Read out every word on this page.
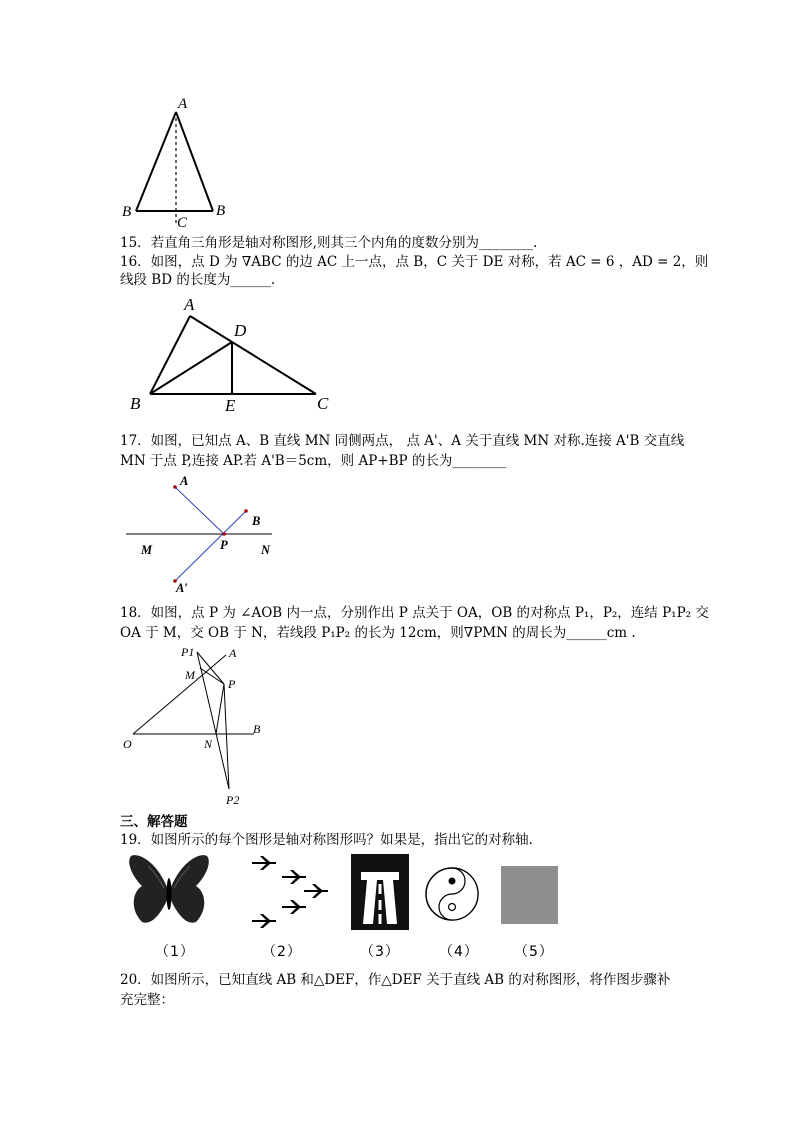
A
B	B
C
15．若直角三角形是轴对称图形,则其三个内角的度数分别为________.
16．如图，点 D 为 ∇ABC 的边 AC 上一点，点 B，C 关于 DE 对称，若 AC = 6 ，AD = 2，则
线段 BD 的长度为______.
A
D
B	E	C
17．如图，已知点 A、B 直线 MN 同侧两点， 点 A'、A 关于直线 MN 对称.连接 A'B 交直线
MN 于点 P,连接 AP.若 A'B＝5cm，则 AP+BP 的长为________
A
B
M	P	N
A′
18．如图，点 P 为 ∠AOB 内一点，分别作出 P 点关于 OA，OB 的对称点 P₁，P₂，连结 P₁P₂ 交
OA 于 M，交 OB 于 N，若线段 P₁P₂ 的长为 12cm，则∇PMN 的周长为______cm .
P1	A
M
P
O	N
B
P2
三、解答题
19．如图所示的每个图形是轴对称图形吗？如果是，指出它的对称轴．
（1）	（2）	（3）	（4）	（5）
20．如图所示，已知直线 AB 和△DEF，作△DEF 关于直线 AB 的对称图形，将作图步骤补
充完整：
